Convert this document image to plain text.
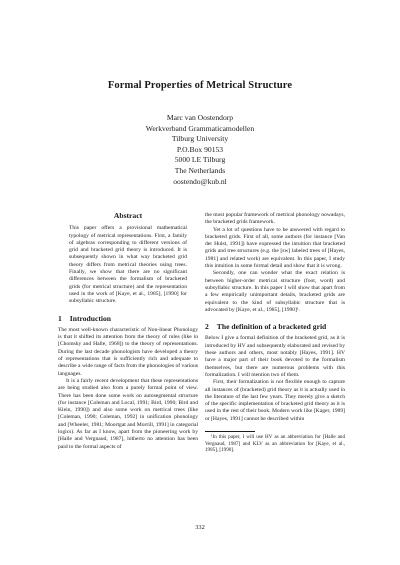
Formal Properties of Metrical Structure
Marc van Oostendorp
Werkverband Grammaticamodellen
Tilburg University
P.O.Box 90153
5000 LE Tilburg
The Netherlands
oostendo@kub.nl
Abstract

This paper offers a provisional mathematical typology of metrical representations. First, a family of algebras corresponding to different versions of grid and bracketed grid theory is introduced. It is subsequently shown in what way bracketed grid theory differs from metrical theories using trees. Finally, we show that there are no significant differences between the formalism of bracketed grids (for metrical structure) and the representation used in the work of [Kaye, et al., 1985], [1990] for subsyllabic structure.

1 Introduction

The most well-known characteristic of Non-linear Phonology is that it shifted its attention from the theory of rules (like in [Chomsky and Halle, 1968]) to the theory of representations. During the last decade phonologists have developed a theory of representations that is sufficiently rich and adequate to describe a wide range of facts from the phonologies of various languages.

It is a fairly recent development that these representations are being studied also from a purely formal point of view. There has been done some work on autosegmental structure (for instance [Coleman and Local, 1991; Bird, 1990; Bird and Klein, 1990]) and also some work on metrical trees (like [Coleman, 1990; Coleman, 1992] in unification phonology and [Wheeler, 1981; Moortgat and Morrill, 1991] in categorial logics). As far as I know, apart from the pioneering work by [Halle and Vergnaud, 1987], hitherto no attention has been paid to the formal aspects of

the most popular framework of metrical phonology nowadays, the bracketed grids framework.

Yet a lot of questions have to be answered with regard to bracketed grids. First of all, some authors (for instance [Van der Hulst, 1991]) have expressed the intuition that bracketed grids and tree structures (e.g. the [sw] labeled trees of [Hayes, 1981] and related work) are equivalent. In this paper, I study this intuition in some formal detail and show that it is wrong.

Secondly, one can wonder what the exact relation is between higher-order metrical structure (foot, word) and subsyllabic structure. In this paper I will show that apart from a few empirically unimportant details, bracketed grids are equivalent to the kind of subsyllabic structure that is advocated by [Kaye, et al., 1985], [1990]¹.

2 The definition of a bracketed grid

Below I give a formal definition of the bracketed grid, as it is introduced by HV and subsequently elaborated and revised by these authors and others, most notably [Hayes, 1991]. HV have a major part of their book devoted to the formalism themselves, but there are numerous problems with this formalization. I will mention two of them.

First, their formalization is not flexible enough to capture all instances of (bracketed) grid theory as it is actually used in the literature of the last few years. They merely give a sketch of the specific implementation of bracketed grid theory as it is used in the rest of their book. Modern work like [Kager, 1989] or [Hayes, 1991] cannot be described within

¹In this paper, I will use HV as an abbreviation for [Halle and Vergnaud, 1987] and KLV as an abbreviation for [Kaye, et al., 1985], [1990].

332
